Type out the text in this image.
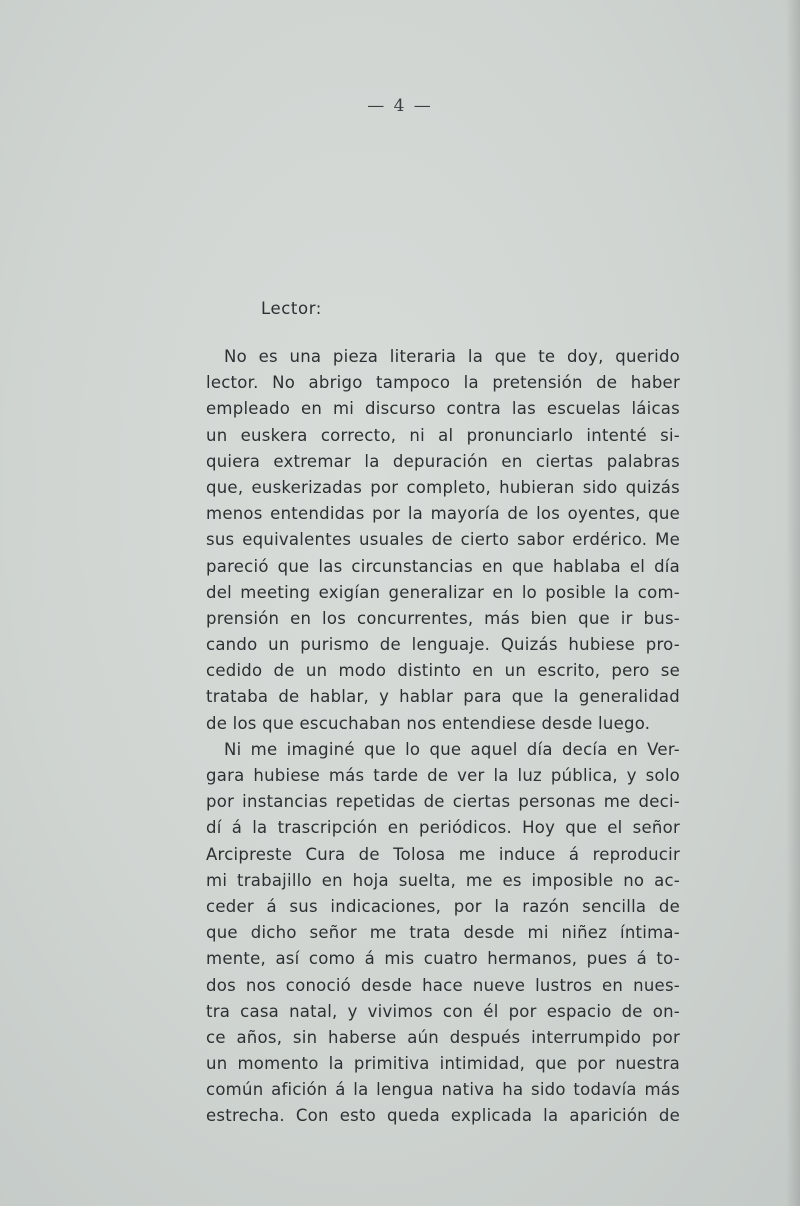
— 4 —
Lector:
No es una pieza literaria la que te doy, querido
lector. No abrigo tampoco la pretensión de haber
empleado en mi discurso contra las escuelas láicas
un euskera correcto, ni al pronunciarlo intenté si-
quiera extremar la depuración en ciertas palabras
que, euskerizadas por completo, hubieran sido quizás
menos entendidas por la mayoría de los oyentes, que
sus equivalentes usuales de cierto sabor erdérico. Me
pareció que las circunstancias en que hablaba el día
del meeting exigían generalizar en lo posible la com-
prensión en los concurrentes, más bien que ir bus-
cando un purismo de lenguaje. Quizás hubiese pro-
cedido de un modo distinto en un escrito, pero se
trataba de hablar, y hablar para que la generalidad
de los que escuchaban nos entendiese desde luego.
Ni me imaginé que lo que aquel día decía en Ver-
gara hubiese más tarde de ver la luz pública, y solo
por instancias repetidas de ciertas personas me deci-
dí á la trascripción en periódicos. Hoy que el señor
Arcipreste Cura de Tolosa me induce á reproducir
mi trabajillo en hoja suelta, me es imposible no ac-
ceder á sus indicaciones, por la razón sencilla de
que dicho señor me trata desde mi niñez íntima-
mente, así como á mis cuatro hermanos, pues á to-
dos nos conoció desde hace nueve lustros en nues-
tra casa natal, y vivimos con él por espacio de on-
ce años, sin haberse aún después interrumpido por
un momento la primitiva intimidad, que por nuestra
común afición á la lengua nativa ha sido todavía más
estrecha. Con esto queda explicada la aparición de
